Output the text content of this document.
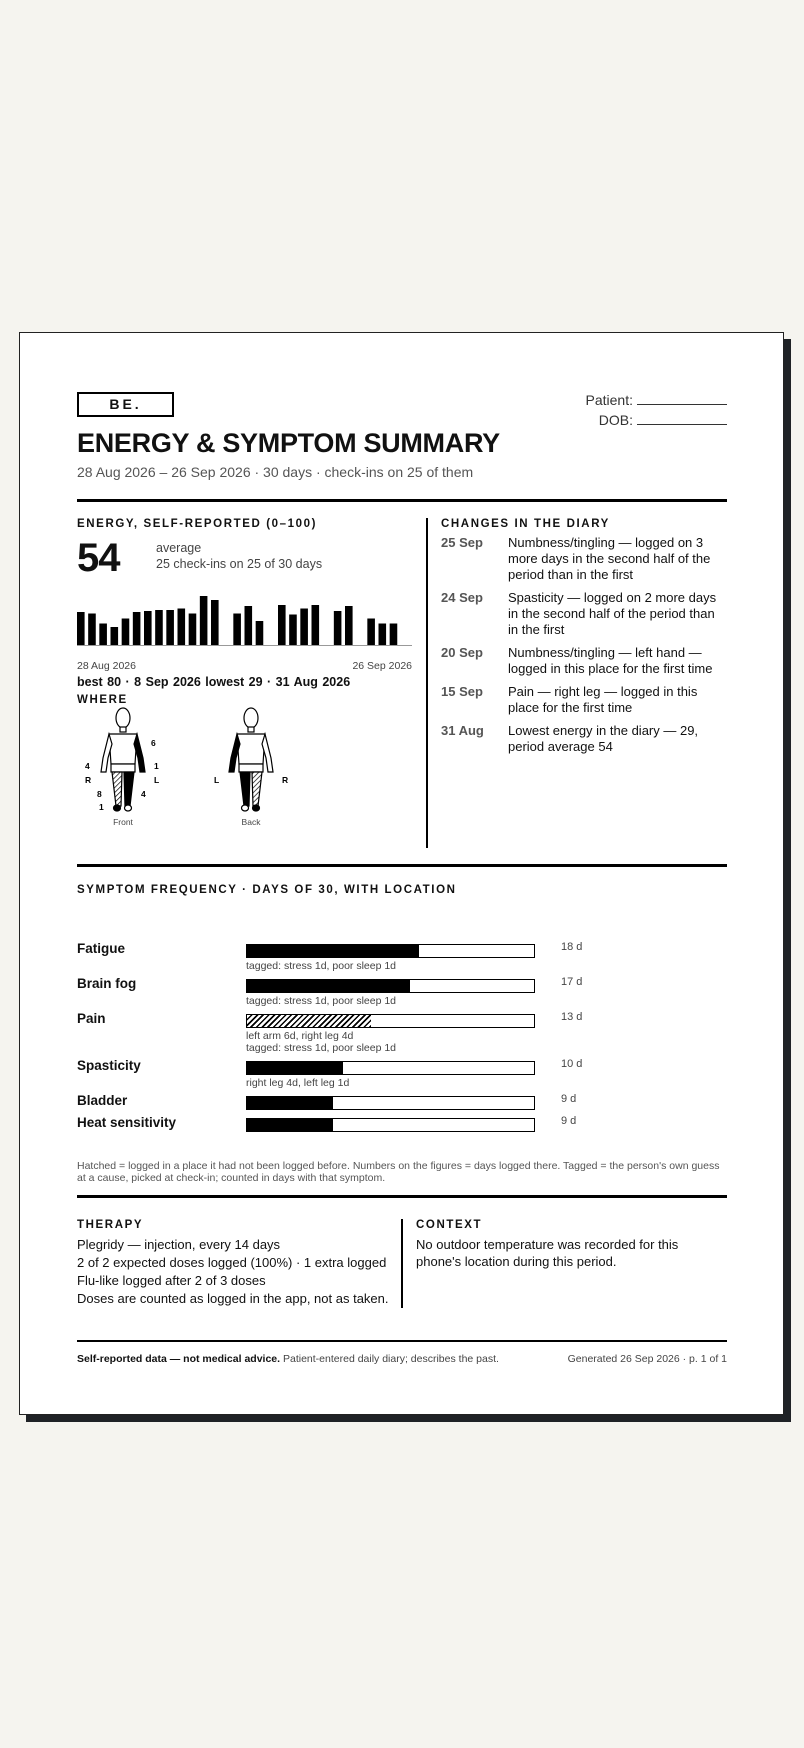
BE.	Patient:
DOB:
ENERGY & SYMPTOM SUMMARY
28 Aug 2026 – 26 Sep 2026 · 30 days · check-ins on 25 of them
ENERGY, SELF-REPORTED (0–100)
54	average
25 check-ins on 25 of 30 days
28 Aug 2026	26 Sep 2026
best 80 · 8 Sep 2026 lowest 29 · 31 Aug 2026
WHERE
4
6
1
R	L
8	4
1
Front
L	R
Back
CHANGES IN THE DIARY
25 Sep	Numbness/tingling — logged on 3 more days in the second half of the period than in the first
24 Sep	Spasticity — logged on 2 more days in the second half of the period than in the first
20 Sep	Numbness/tingling — left hand — logged in this place for the first time
15 Sep	Pain — right leg — logged in this place for the first time
31 Aug	Lowest energy in the diary — 29, period average 54
SYMPTOM FREQUENCY · DAYS OF 30, WITH LOCATION
Fatigue	18 d
tagged: stress 1d, poor sleep 1d
Brain fog	17 d
tagged: stress 1d, poor sleep 1d
Pain	13 d
left arm 6d, right leg 4d
tagged: stress 1d, poor sleep 1d
Spasticity	10 d
right leg 4d, left leg 1d
Bladder	9 d
Heat sensitivity	9 d
Hatched = logged in a place it had not been logged before. Numbers on the figures = days logged there. Tagged = the person's own guess at a cause, picked at check-in; counted in days with that symptom.
THERAPY
Plegridy — injection, every 14 days
2 of 2 expected doses logged (100%) · 1 extra logged
Flu-like logged after 2 of 3 doses
Doses are counted as logged in the app, not as taken.
CONTEXT
No outdoor temperature was recorded for this phone's location during this period.
Self-reported data — not medical advice. Patient-entered daily diary; describes the past.	Generated 26 Sep 2026 · p. 1 of 1
